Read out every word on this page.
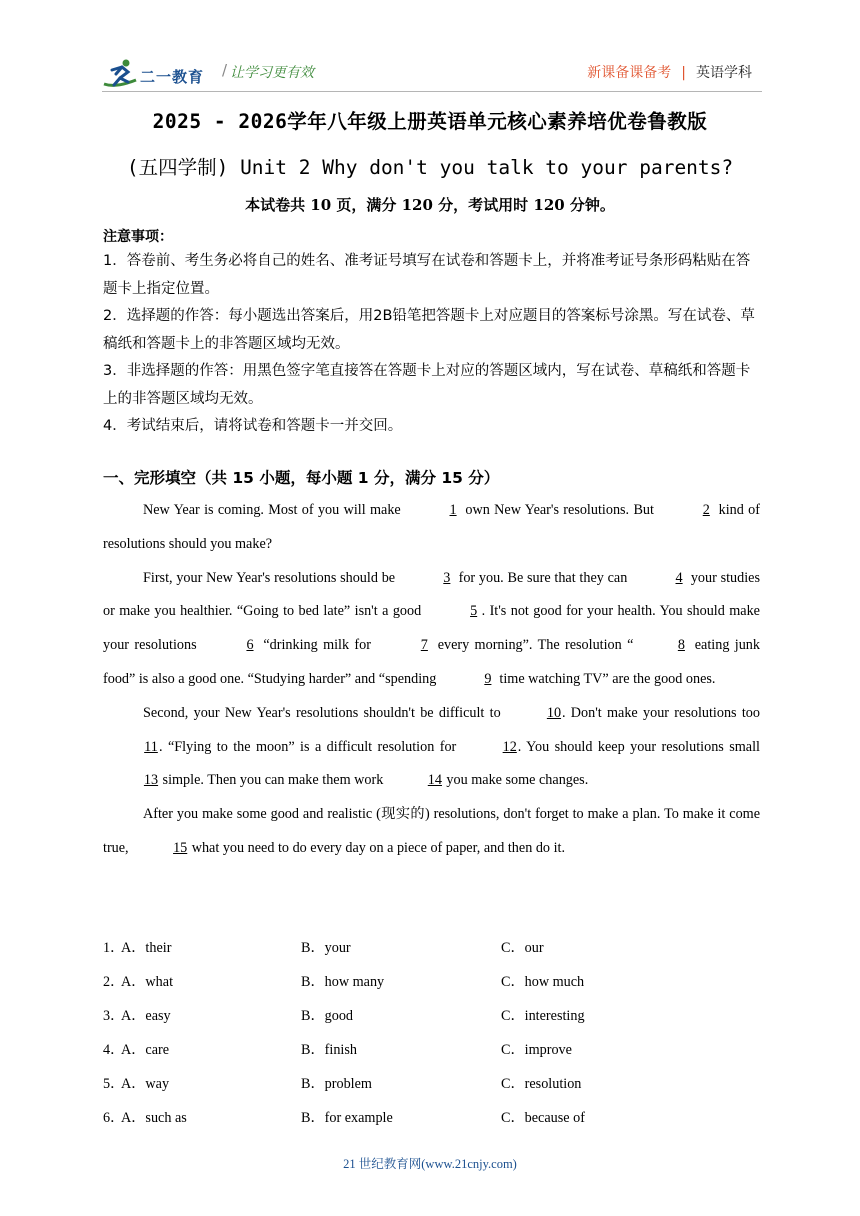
二一教育 / 让学习更有效	新课备课备考 | 英语学科
2025 - 2026学年八年级上册英语单元核心素养培优卷鲁教版
(五四学制) Unit 2 Why don't you talk to your parents?
本试卷共 10 页，满分 120 分，考试用时 120 分钟。
注意事项：
1．答卷前、考生务必将自己的姓名、准考证号填写在试卷和答题卡上，并将准考证号条形码粘贴在答题卡上指定位置。
2．选择题的作答：每小题选出答案后，用2B铅笔把答题卡上对应题目的答案标号涂黑。写在试卷、草稿纸和答题卡上的非答题区域均无效。
3．非选择题的作答：用黑色签字笔直接答在答题卡上对应的答题区域内，写在试卷、草稿纸和答题卡上的非答题区域均无效。
4．考试结束后，请将试卷和答题卡一并交回。
一、完形填空（共 15 小题，每小题 1 分，满分 15 分）

New Year is coming. Most of you will make	1 own New Year's resolutions. But	2 kind of resolutions should you make?

First, your New Year's resolutions should be	3 for you. Be sure that they can	4 your studies or make you healthier. “Going to bed late” isn't a good	5 . It's not good for your health. You should make your resolutions	6 “drinking milk for	7 every morning”. The resolution “	8 eating junk food” is also a good one. “Studying harder” and “spending	9 time watching TV” are the good ones.

Second, your New Year's resolutions shouldn't be difficult to	10. Don't make your resolutions too 11. “Flying to the moon” is a difficult resolution for	12. You should keep your resolutions small 13 simple. Then you can make them work	14 you make some changes.

After you make some good and realistic (现实的) resolutions, don't forget to make a plan. To make it come true,	15 what you need to do every day on a piece of paper, and then do it.

1．
A．their	B．your	C．our
2．
A．what	B．how many	C．how much
3．
A．easy	B．good	C．interesting
4．
A．care	B．finish	C．improve
5．
A．way	B．problem	C．resolution
6．
A．such as	B．for example	C．because of
21 世纪教育网(www.21cnjy.com)
